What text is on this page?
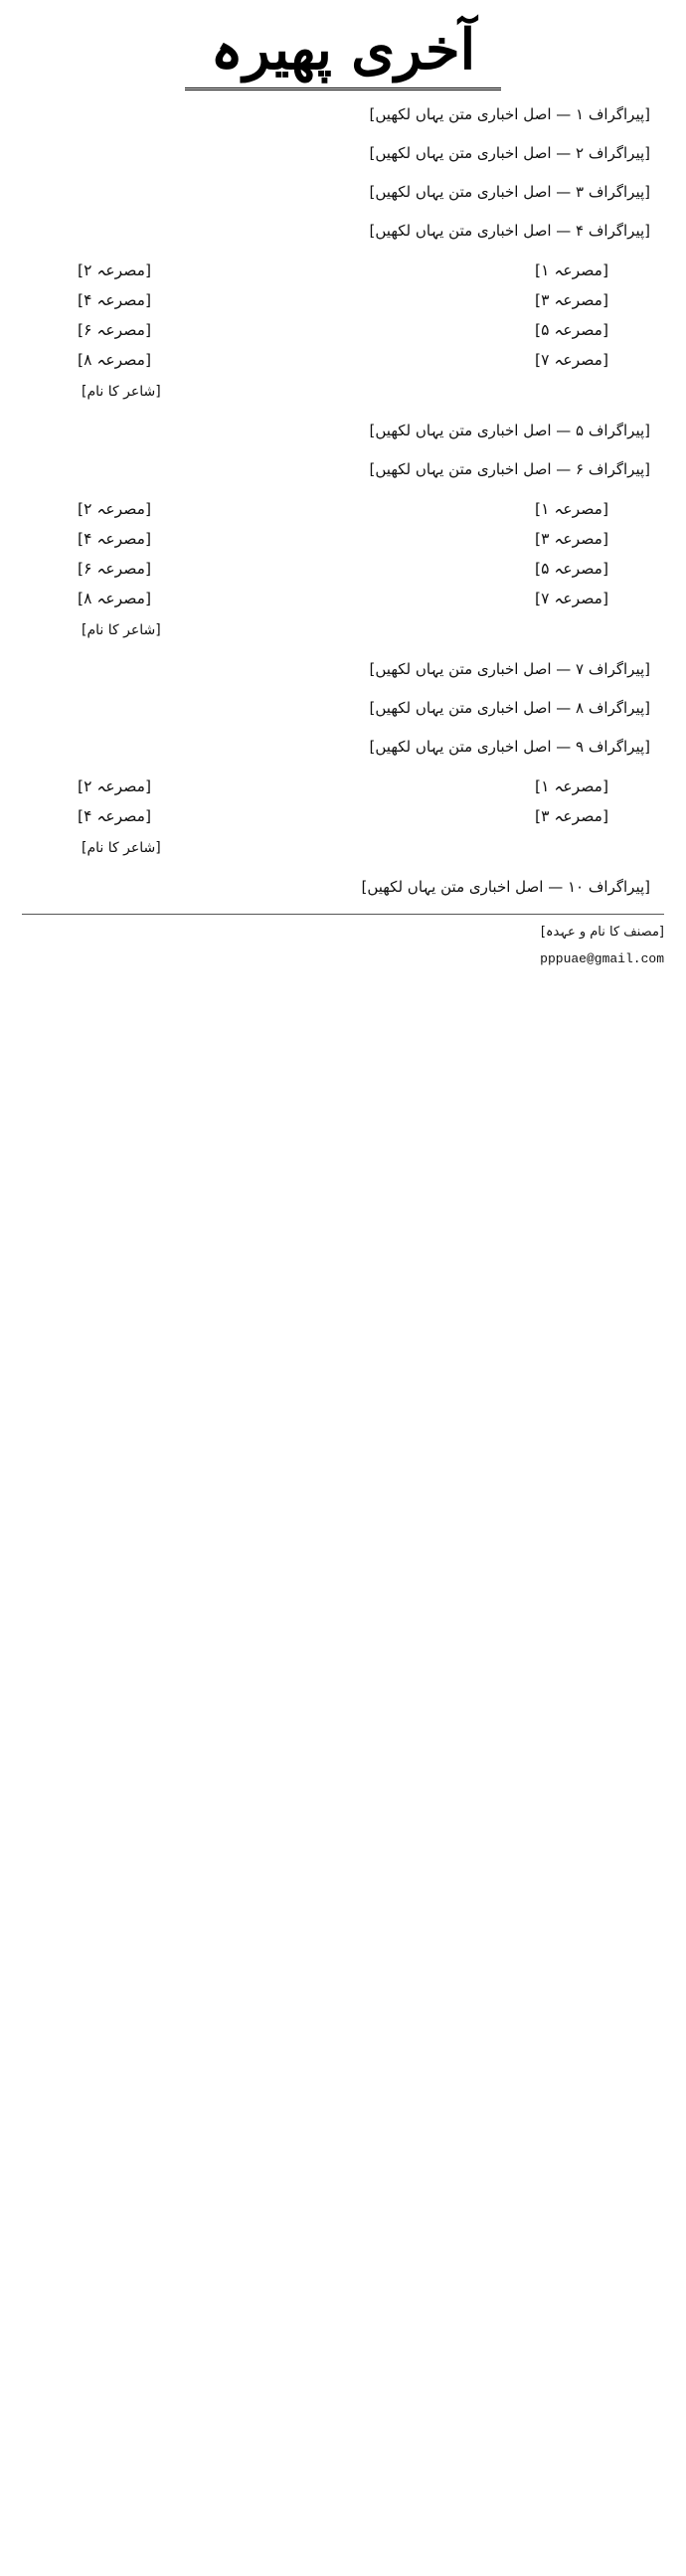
آخری پھیرہ

[پیراگراف ۱ — اصل اخباری متن یہاں لکھیں]

[پیراگراف ۲ — اصل اخباری متن یہاں لکھیں]

[پیراگراف ۳ — اصل اخباری متن یہاں لکھیں]

[پیراگراف ۴ — اصل اخباری متن یہاں لکھیں]

[مصرعہ ۱]
[مصرعہ ۲]
[مصرعہ ۳]
[مصرعہ ۴]
[مصرعہ ۵]
[مصرعہ ۶]
[مصرعہ ۷]
[مصرعہ ۸]
[شاعر کا نام]

[پیراگراف ۵ — اصل اخباری متن یہاں لکھیں]

[پیراگراف ۶ — اصل اخباری متن یہاں لکھیں]

[مصرعہ ۱]
[مصرعہ ۲]
[مصرعہ ۳]
[مصرعہ ۴]
[مصرعہ ۵]
[مصرعہ ۶]
[مصرعہ ۷]
[مصرعہ ۸]
[شاعر کا نام]

[پیراگراف ۷ — اصل اخباری متن یہاں لکھیں]

[پیراگراف ۸ — اصل اخباری متن یہاں لکھیں]

[پیراگراف ۹ — اصل اخباری متن یہاں لکھیں]

[مصرعہ ۱]
[مصرعہ ۲]
[مصرعہ ۳]
[مصرعہ ۴]
[شاعر کا نام]

[پیراگراف ۱۰ — اصل اخباری متن یہاں لکھیں]

[مصنف کا نام و عہدہ]
pppuae@gmail.com
